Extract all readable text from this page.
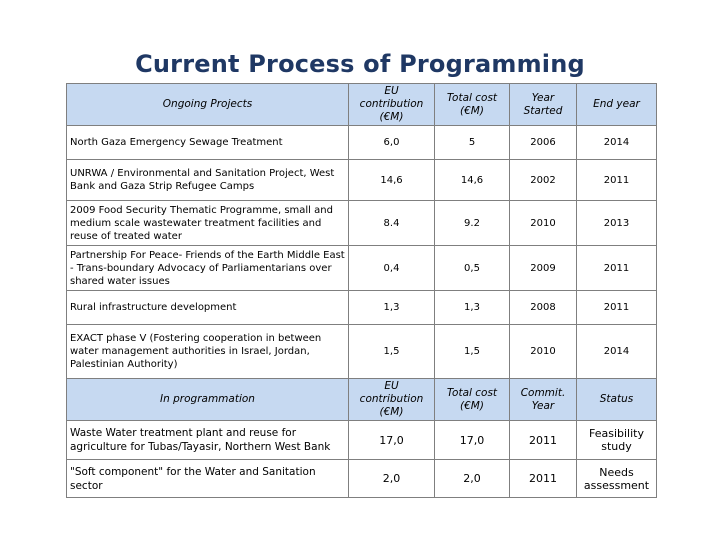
Current Process of Programming
Ongoing Projects	EU contribution (€M)	Total cost (€M)	Year Started	End year
North Gaza Emergency Sewage Treatment	6,0	5	2006	2014
UNRWA / Environmental and Sanitation Project, West Bank and Gaza Strip Refugee Camps	14,6	14,6	2002	2011
2009 Food Security Thematic Programme, small and medium scale wastewater treatment facilities and reuse of treated water	8.4	9.2	2010	2013
Partnership For Peace- Friends of the Earth Middle East - Trans-boundary Advocacy of Parliamentarians over shared water issues	0,4	0,5	2009	2011
Rural infrastructure development	1,3	1,3	2008	2011
EXACT phase V (Fostering cooperation in between water management authorities in Israel, Jordan, Palestinian Authority)	1,5	1,5	2010	2014
In programmation	EU contribution (€M)	Total cost (€M)	Commit. Year	Status
Waste Water treatment plant and reuse for agriculture for Tubas/Tayasir, Northern West Bank	17,0	17,0	2011	Feasibility study
"Soft component" for the Water and Sanitation sector	2,0	2,0	2011	Needs assessment
